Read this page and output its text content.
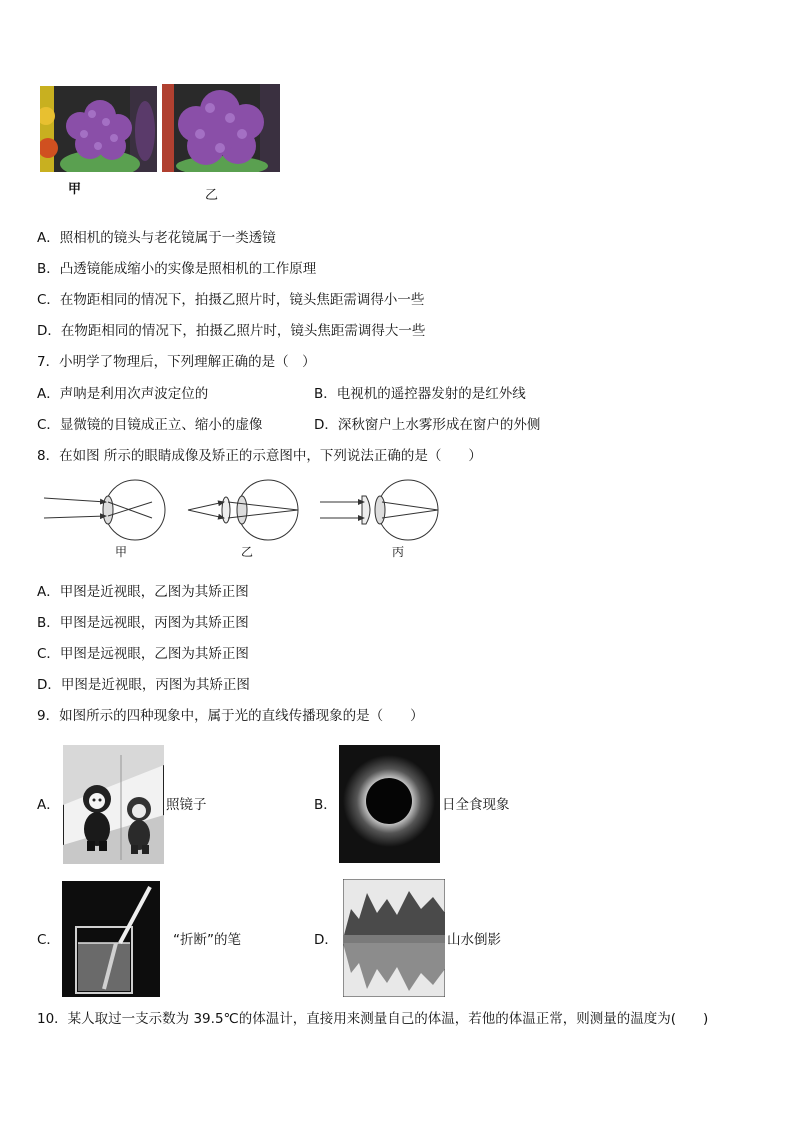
甲	乙
A．照相机的镜头与老花镜属于一类透镜
B．凸透镜能成缩小的实像是照相机的工作原理
C．在物距相同的情况下，拍摄乙照片时，镜头焦距需调得小一些
D．在物距相同的情况下，拍摄乙照片时，镜头焦距需调得大一些
7．小明学了物理后，下列理解正确的是（　）
A．声呐是利用次声波定位的	B．电视机的遥控器发射的是红外线
C．显微镜的目镜成正立、缩小的虚像	D．深秋窗户上水雾形成在窗户的外侧
8．在如图 所示的眼睛成像及矫正的示意图中，下列说法正确的是（　　）
甲	乙	丙
A．甲图是近视眼，乙图为其矫正图
B．甲图是远视眼，丙图为其矫正图
C．甲图是远视眼，乙图为其矫正图
D．甲图是近视眼，丙图为其矫正图
9．如图所示的四种现象中，属于光的直线传播现象的是（　　）
A．	照镜子	B．	日全食现象
C．	“折断”的笔	D．	山水倒影
10．某人取过一支示数为 39.5℃的体温计，直接用来测量自己的体温，若他的体温正常，则测量的温度为(　　)
